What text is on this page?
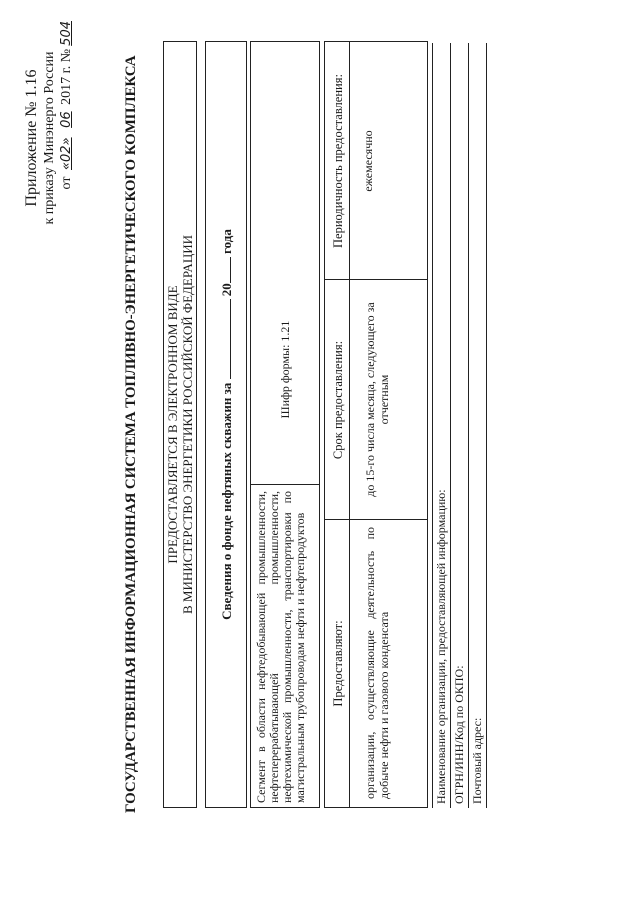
Приложение № 1.16 к приказу Минэнерго России от «02» 06 2017 г. №504
ГОСУДАРСТВЕННАЯ ИНФОРМАЦИОННАЯ СИСТЕМА ТОПЛИВНО-ЭНЕРГЕТИЧЕСКОГО КОМПЛЕКСА ПРЕДОСТАВЛЯЕТСЯ В ЭЛЕКТРОННОМ ВИДЕ В МИНИСТЕРСТВО ЭНЕРГЕТИКИ РОССИЙСКОЙ ФЕДЕРАЦИИ Сведения о фонде нефтяных скважин за  20 года
Сегмент в области нефтедобывающей промышленности, нефтеперерабатывающей промышленности, нефтехимической промышленности, транспортировки по магистральным трубопроводам нефти и нефтепродуктов
Шифр формы: 1.21
Предоставляют:
Срок предоставления:
Периодичность предоставления:
организации, осуществляющие деятельность по добыче нефти и газового конденсата
до 15-го числа месяца, следующего за отчетным
ежемесячно
Наименование организации, предоставляющей информацию: ОГРН/ИНН/Код по ОКПО: Почтовый адрес:
